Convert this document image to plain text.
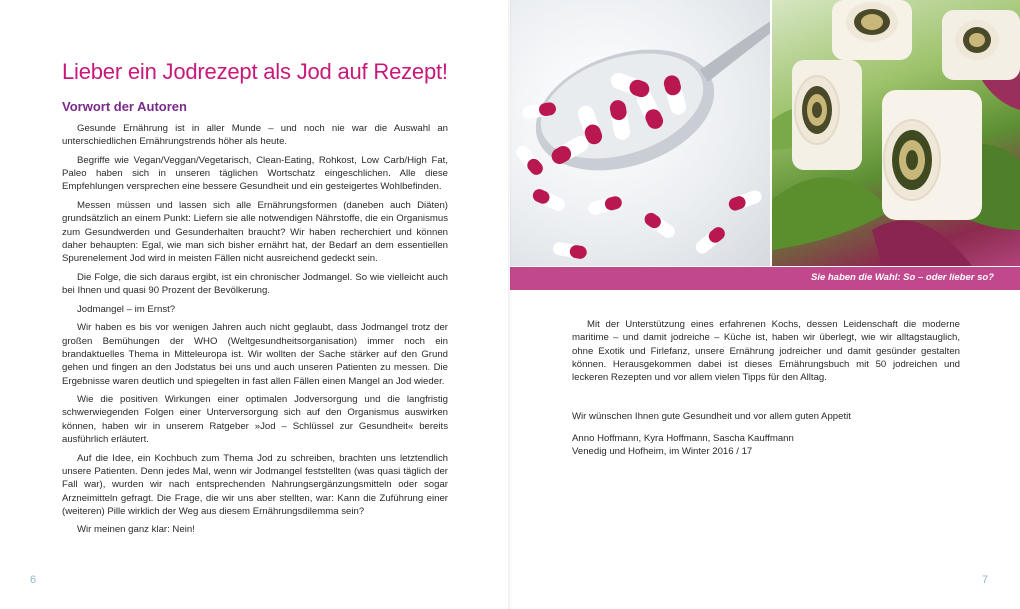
Lieber ein Jodrezept als Jod auf Rezept!
Vorwort der Autoren

Gesunde Ernährung ist in aller Munde – und noch nie war die Auswahl an unterschiedlichen Ernährungstrends höher als heute.

Begriffe wie Vegan/Veggan/Vegetarisch, Clean-Eating, Rohkost, Low Carb/High Fat, Paleo haben sich in unseren täglichen Wortschatz eingeschlichen. Alle diese Empfehlungen versprechen eine bessere Gesundheit und ein gesteigertes Wohlbefinden.

Messen müssen und lassen sich alle Ernährungsformen (daneben auch Diäten) grundsätzlich an einem Punkt: Liefern sie alle notwendigen Nährstoffe, die ein Organismus zum Gesundwerden und Gesunderhalten braucht? Wir haben recherchiert und können daher behaupten: Egal, wie man sich bisher ernährt hat, der Bedarf an dem essentiellen Spurenelement Jod wird in meisten Fällen nicht ausreichend gedeckt sein.

Die Folge, die sich daraus ergibt, ist ein chronischer Jodmangel. So wie vielleicht auch bei Ihnen und quasi 90 Prozent der Bevölkerung.

Jodmangel – im Ernst?

Wir haben es bis vor wenigen Jahren auch nicht geglaubt, dass Jodmangel trotz der großen Bemühungen der WHO (Weltgesundheitsorganisation) immer noch ein brandaktuelles Thema in Mitteleuropa ist. Wir wollten der Sache stärker auf den Grund gehen und fingen an den Jodstatus bei uns und auch unseren Patienten zu messen. Die Ergebnisse waren deutlich und spiegelten in fast allen Fällen einen Mangel an Jod wieder.

Wie die positiven Wirkungen einer optimalen Jodversorgung und die langfristig schwerwiegenden Folgen einer Unterversorgung sich auf den Organismus auswirken können, haben wir in unserem Ratgeber »Jod – Schlüssel zur Gesundheit« bereits ausführlich erläutert.

Auf die Idee, ein Kochbuch zum Thema Jod zu schreiben, brachten uns letztendlich unsere Patienten. Denn jedes Mal, wenn wir Jodmangel feststellten (was quasi täglich der Fall war), wurden wir nach entsprechenden Nahrungsergänzungsmitteln oder sogar Arzneimitteln gefragt. Die Frage, die wir uns aber stellten, war: Kann die Zuführung einer (weiteren) Pille wirklich der Weg aus diesem Ernährungsdilemma sein?

Wir meinen ganz klar: Nein!

6
Sie haben die Wahl: So – oder lieber so?

Mit der Unterstützung eines erfahrenen Kochs, dessen Leidenschaft die moderne maritime – und damit jodreiche – Küche ist, haben wir überlegt, wie wir alltagstauglich, ohne Exotik und Firlefanz, unsere Ernährung jodreicher und damit gesünder gestalten können. Herausgekommen dabei ist dieses Ernährungsbuch mit 50 jodreichen und leckeren Rezepten und vor allem vielen Tipps für den Alltag.

Wir wünschen Ihnen gute Gesundheit und vor allem guten Appetit

Anno Hoffmann, Kyra Hoffmann, Sascha Kauffmann
Venedig und Hofheim, im Winter 2016 / 17
7
